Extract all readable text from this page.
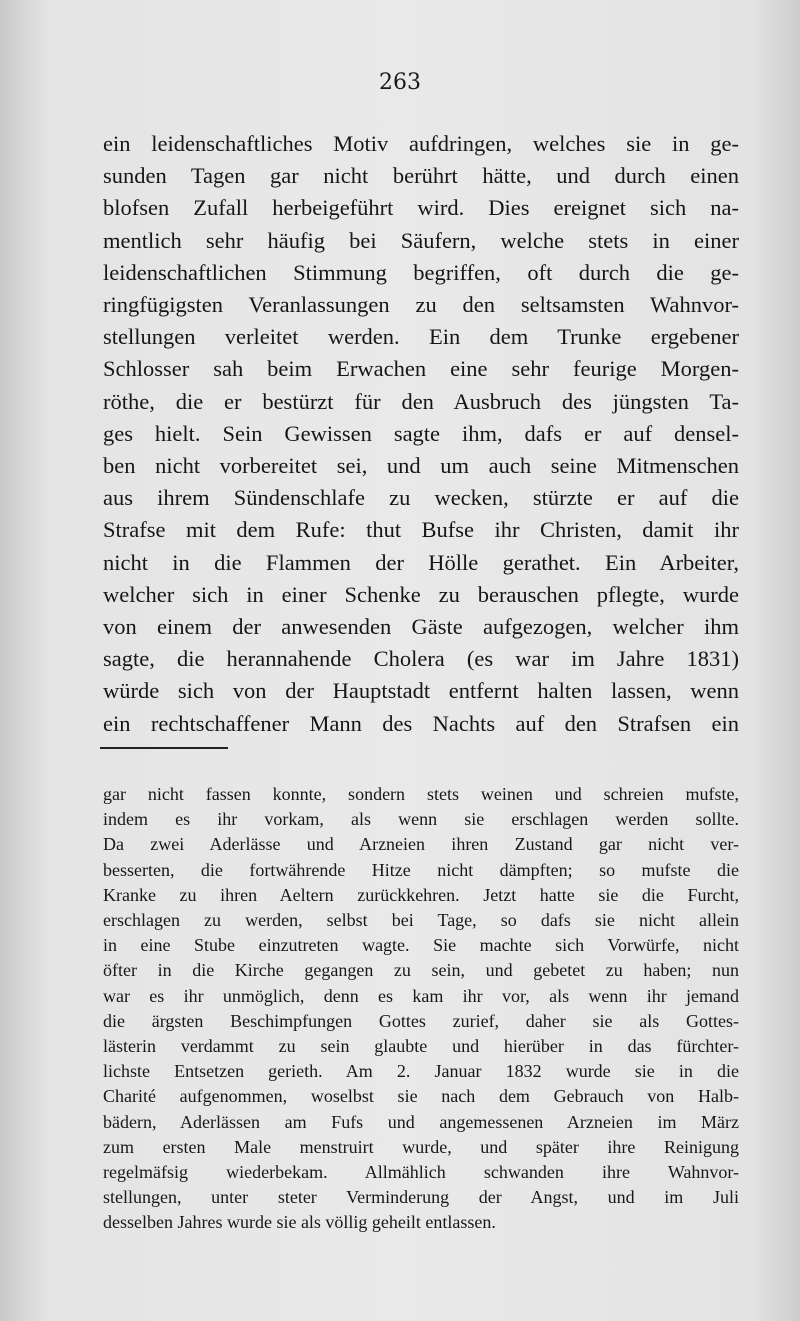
263
ein leidenschaftliches Motiv aufdringen, welches sie in ge-
sunden Tagen gar nicht berührt hätte, und durch einen
blofsen Zufall herbeigeführt wird. Dies ereignet sich na-
mentlich sehr häufig bei Säufern, welche stets in einer
leidenschaftlichen Stimmung begriffen, oft durch die ge-
ringfügigsten Veranlassungen zu den seltsamsten Wahnvor-
stellungen verleitet werden. Ein dem Trunke ergebener
Schlosser sah beim Erwachen eine sehr feurige Morgen-
röthe, die er bestürzt für den Ausbruch des jüngsten Ta-
ges hielt. Sein Gewissen sagte ihm, dafs er auf densel-
ben nicht vorbereitet sei, und um auch seine Mitmenschen
aus ihrem Sündenschlafe zu wecken, stürzte er auf die
Strafse mit dem Rufe: thut Bufse ihr Christen, damit ihr
nicht in die Flammen der Hölle gerathet. Ein Arbeiter,
welcher sich in einer Schenke zu berauschen pflegte, wurde
von einem der anwesenden Gäste aufgezogen, welcher ihm
sagte, die herannahende Cholera (es war im Jahre 1831)
würde sich von der Hauptstadt entfernt halten lassen, wenn
ein rechtschaffener Mann des Nachts auf den Strafsen ein
gar nicht fassen konnte, sondern stets weinen und schreien mufste,
indem es ihr vorkam, als wenn sie erschlagen werden sollte.
Da zwei Aderlässe und Arzneien ihren Zustand gar nicht ver-
besserten, die fortwährende Hitze nicht dämpften; so mufste die
Kranke zu ihren Aeltern zurückkehren. Jetzt hatte sie die Furcht,
erschlagen zu werden, selbst bei Tage, so dafs sie nicht allein
in eine Stube einzutreten wagte. Sie machte sich Vorwürfe, nicht
öfter in die Kirche gegangen zu sein, und gebetet zu haben; nun
war es ihr unmöglich, denn es kam ihr vor, als wenn ihr jemand
die ärgsten Beschimpfungen Gottes zurief, daher sie als Gottes-
lästerin verdammt zu sein glaubte und hierüber in das fürchter-
lichste Entsetzen gerieth. Am 2. Januar 1832 wurde sie in die
Charité aufgenommen, woselbst sie nach dem Gebrauch von Halb-
bädern, Aderlässen am Fufs und angemessenen Arzneien im März
zum ersten Male menstruirt wurde, und später ihre Reinigung
regelmäfsig wiederbekam. Allmählich schwanden ihre Wahnvor-
stellungen, unter steter Verminderung der Angst, und im Juli
desselben Jahres wurde sie als völlig geheilt entlassen.
